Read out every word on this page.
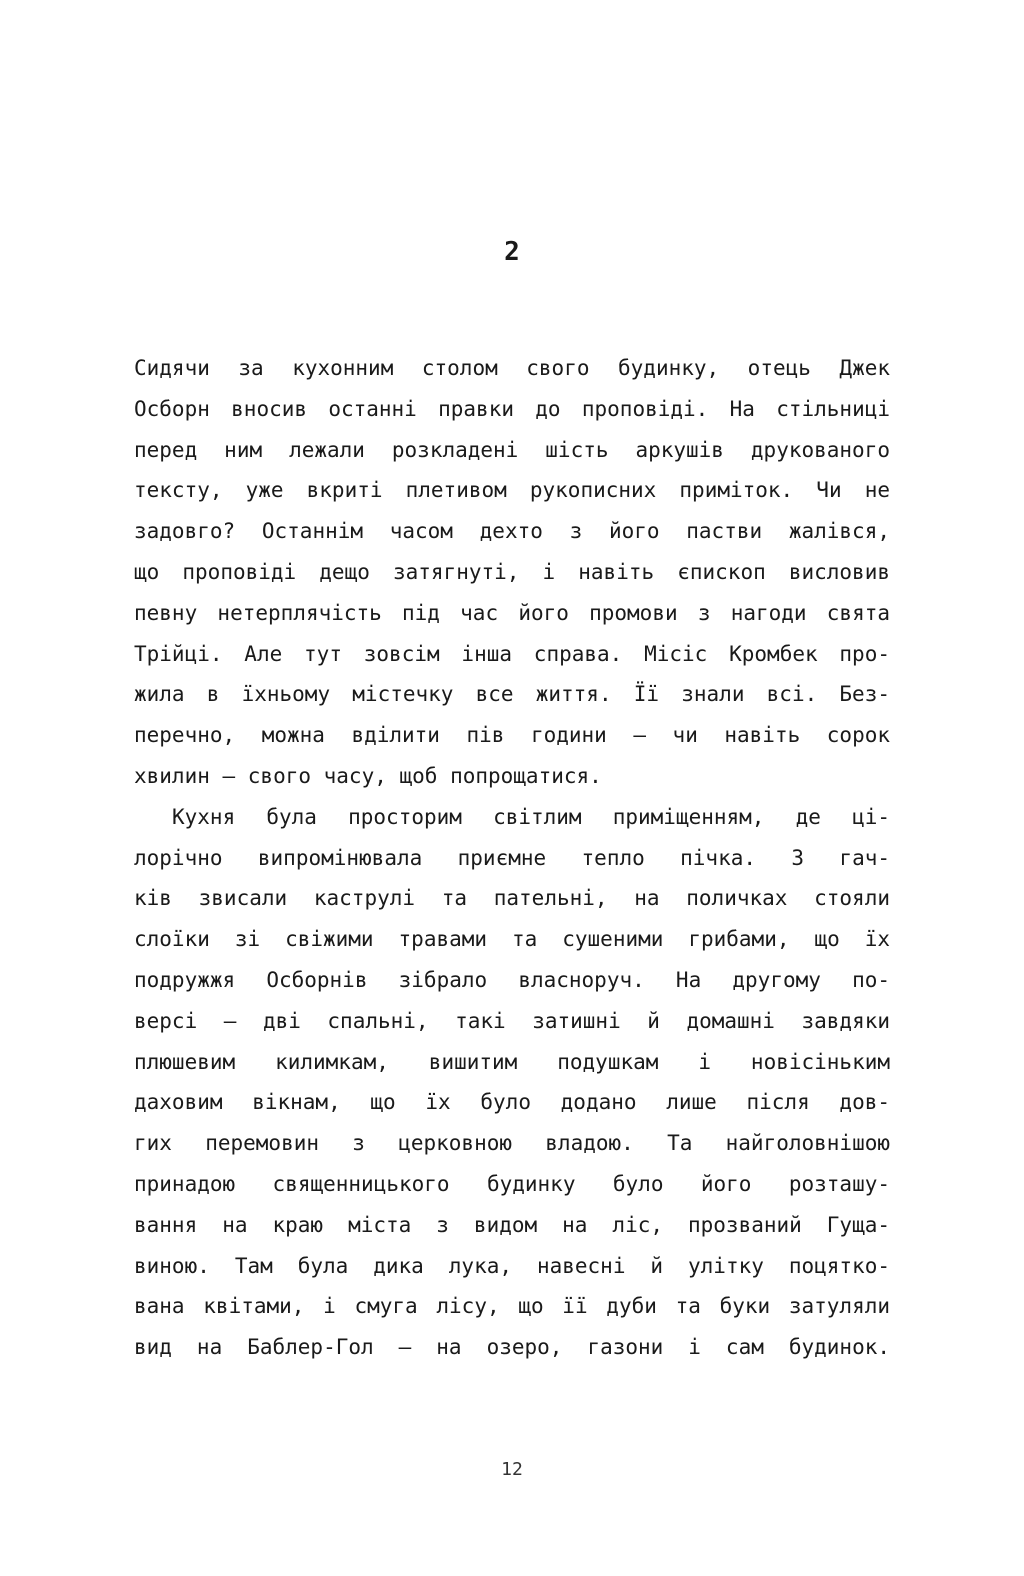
2
Сидячи за кухонним столом свого будинку, отець Джек
Осборн вносив останні правки до проповіді. На стільниці
перед ним лежали розкладені шість аркушів друкованого
тексту, уже вкриті плетивом рукописних приміток. Чи не
задовго? Останнім часом дехто з його пастви жалівся,
що проповіді дещо затягнуті, і навіть єпископ висловив
певну нетерплячість під час його промови з нагоди свята
Трійці. Але тут зовсім інша справа. Місіс Кромбек про-
жила в їхньому містечку все життя. Її знали всі. Без-
перечно, можна вділити пів години — чи навіть сорок
хвилин — свого часу, щоб попрощатися.
Кухня була просторим світлим приміщенням, де ці-
лорічно випромінювала приємне тепло пічка. З гач-
ків звисали каструлі та пательні, на поличках стояли
слоїки зі свіжими травами та сушеними грибами, що їх
подружжя Осборнів зібрало власноруч. На другому по-
версі — дві спальні, такі затишні й домашні завдяки
плюшевим килимкам, вишитим подушкам і новісіньким
даховим вікнам, що їх було додано лише після дов-
гих перемовин з церковною владою. Та найголовнішою
принадою священницького будинку було його розташу-
вання на краю міста з видом на ліс, прозваний Гуща-
виною. Там була дика лука, навесні й улітку поцятко-
вана квітами, і смуга лісу, що її дуби та буки затуляли
вид на Баблер-Гол — на озеро, газони і сам будинок.
12
